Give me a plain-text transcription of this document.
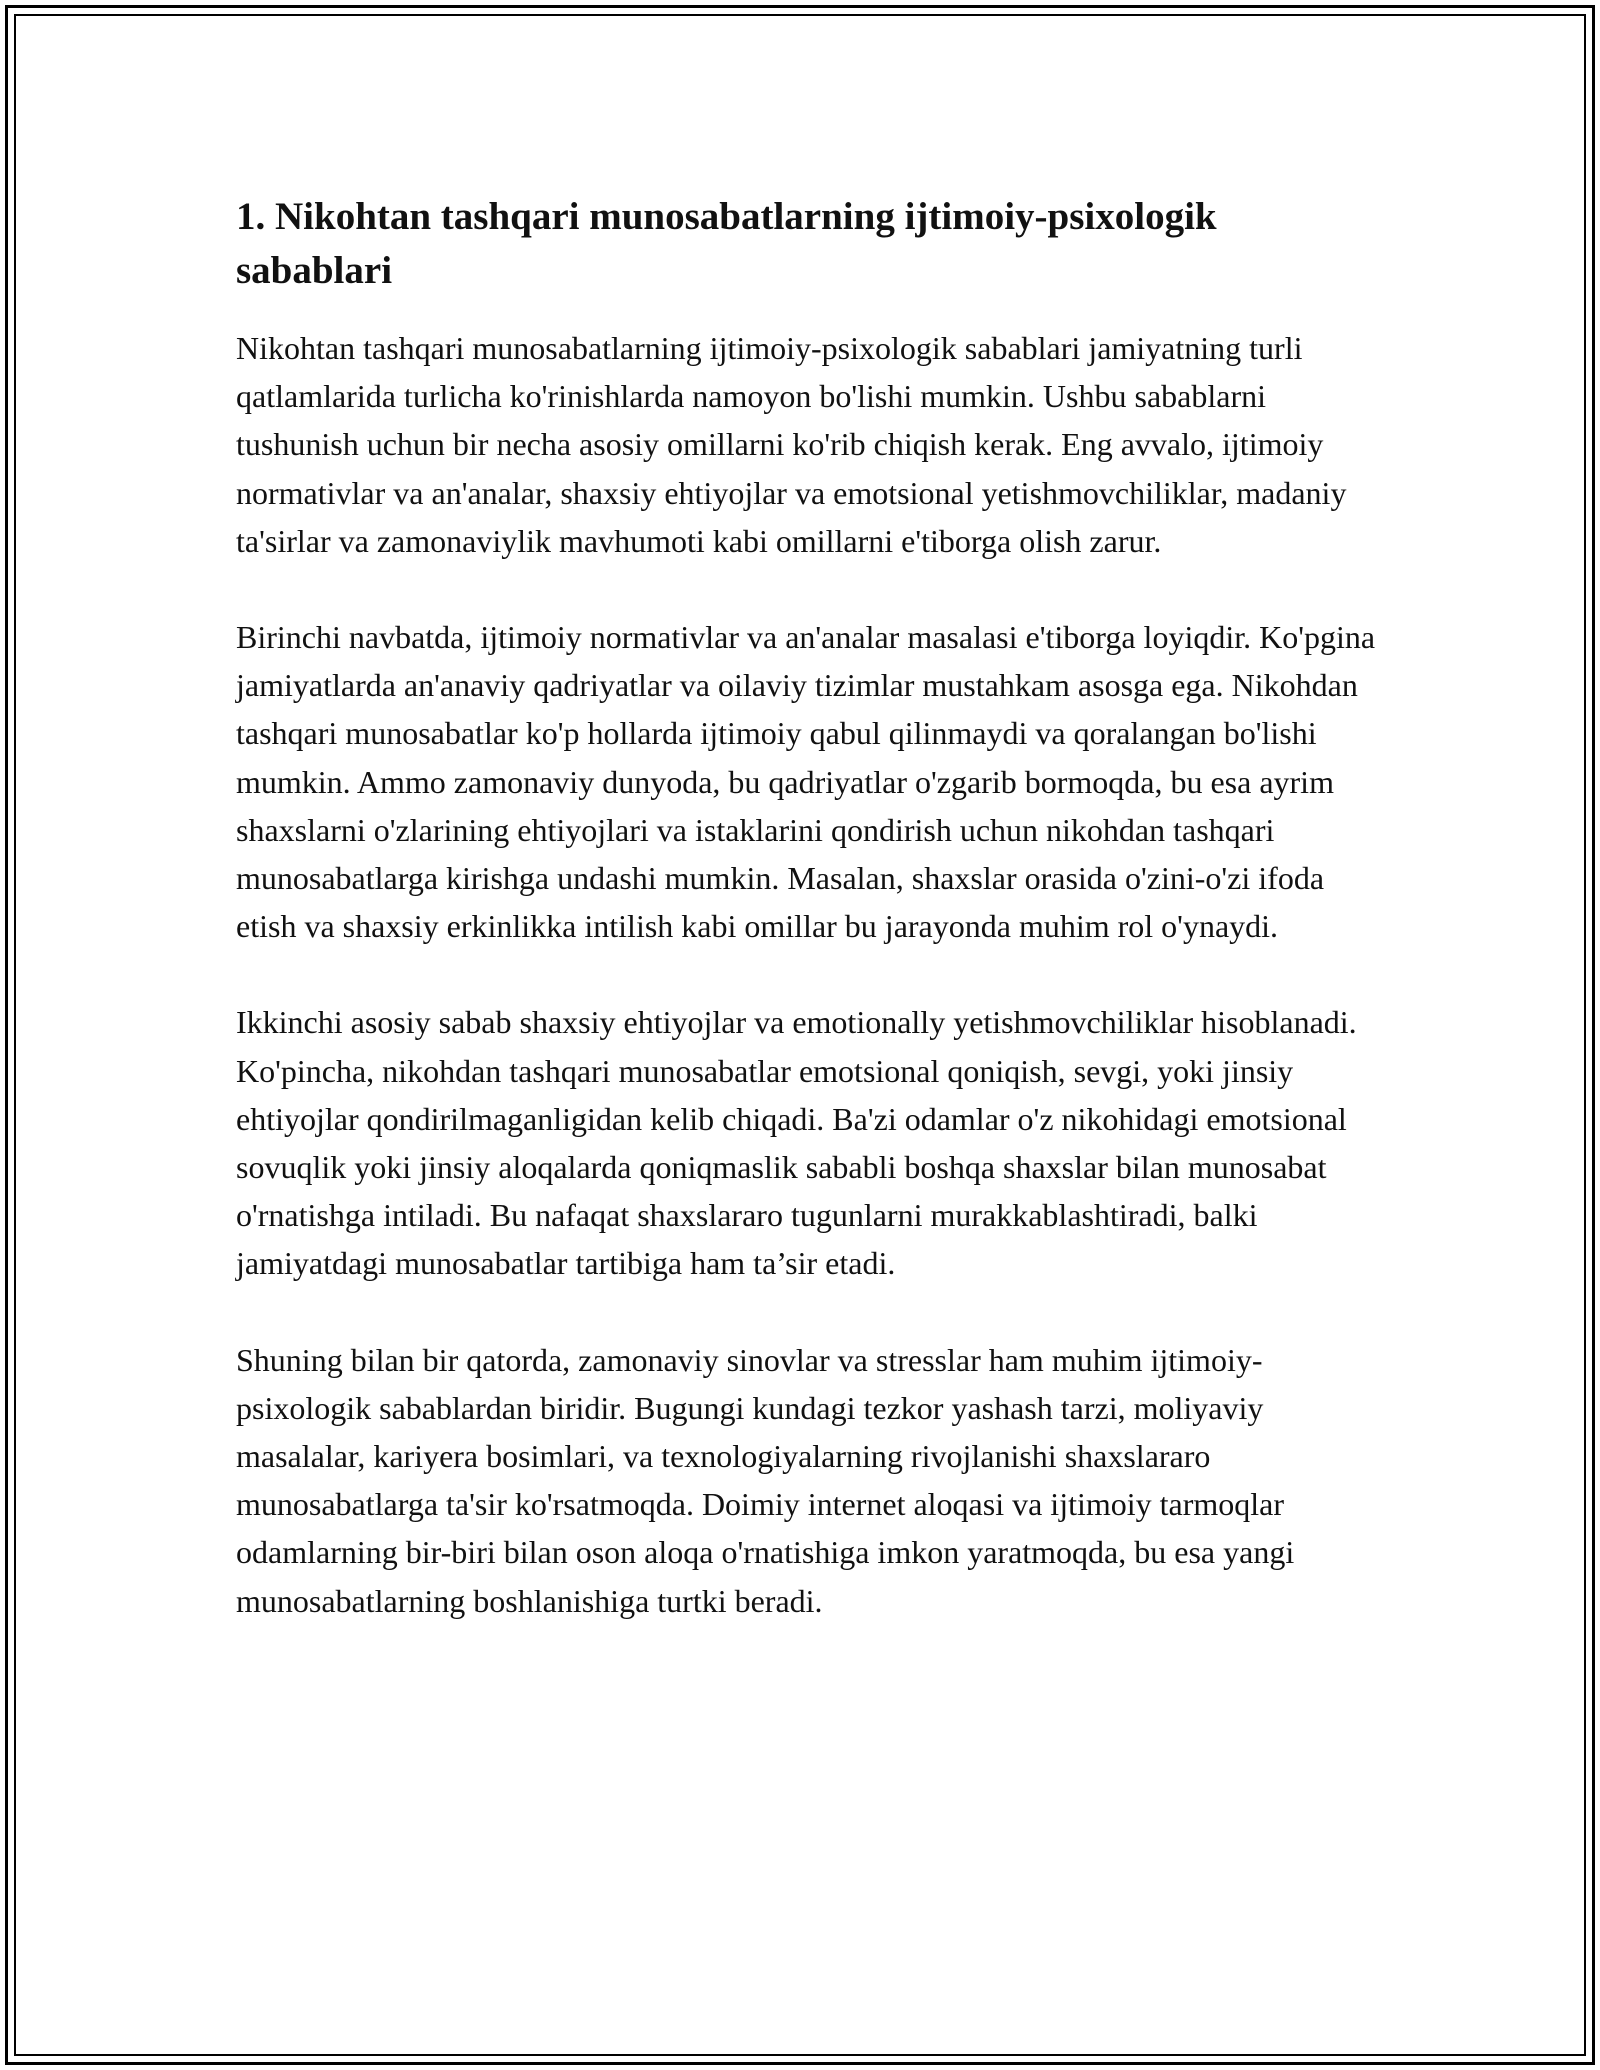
1. Nikohtan tashqari munosabatlarning ijtimoiy-psixologik sabablari

Nikohtan tashqari munosabatlarning ijtimoiy-psixologik sabablari jamiyatning turli qatlamlarida turlicha ko'rinishlarda namoyon bo'lishi mumkin. Ushbu sabablarni tushunish uchun bir necha asosiy omillarni ko'rib chiqish kerak. Eng avvalo, ijtimoiy normativlar va an'analar, shaxsiy ehtiyojlar va emotsional yetishmovchiliklar, madaniy ta'sirlar va zamonaviylik mavhumoti kabi omillarni e'tiborga olish zarur.

Birinchi navbatda, ijtimoiy normativlar va an'analar masalasi e'tiborga loyiqdir. Ko'pgina jamiyatlarda an'anaviy qadriyatlar va oilaviy tizimlar mustahkam asosga ega. Nikohdan tashqari munosabatlar ko'p hollarda ijtimoiy qabul qilinmaydi va qoralangan bo'lishi mumkin. Ammo zamonaviy dunyoda, bu qadriyatlar o'zgarib bormoqda, bu esa ayrim shaxslarni o'zlarining ehtiyojlari va istaklarini qondirish uchun nikohdan tashqari munosabatlarga kirishga undashi mumkin. Masalan, shaxslar orasida o'zini-o'zi ifoda etish va shaxsiy erkinlikka intilish kabi omillar bu jarayonda muhim rol o'ynaydi.

Ikkinchi asosiy sabab shaxsiy ehtiyojlar va emotionally yetishmovchiliklar hisoblanadi. Ko'pincha, nikohdan tashqari munosabatlar emotsional qoniqish, sevgi, yoki jinsiy ehtiyojlar qondirilmaganligidan kelib chiqadi. Ba'zi odamlar o'z nikohidagi emotsional sovuqlik yoki jinsiy aloqalarda qoniqmaslik sababli boshqa shaxslar bilan munosabat o'rnatishga intiladi. Bu nafaqat shaxslararo tugunlarni murakkablashtiradi, balki jamiyatdagi munosabatlar tartibiga ham ta’sir etadi.

Shuning bilan bir qatorda, zamonaviy sinovlar va stresslar ham muhim ijtimoiy-psixologik sabablardan biridir. Bugungi kundagi tezkor yashash tarzi, moliyaviy masalalar, kariyera bosimlari, va texnologiyalarning rivojlanishi shaxslararo munosabatlarga ta'sir ko'rsatmoqda. Doimiy internet aloqasi va ijtimoiy tarmoqlar odamlarning bir-biri bilan oson aloqa o'rnatishiga imkon yaratmoqda, bu esa yangi munosabatlarning boshlanishiga turtki beradi.
